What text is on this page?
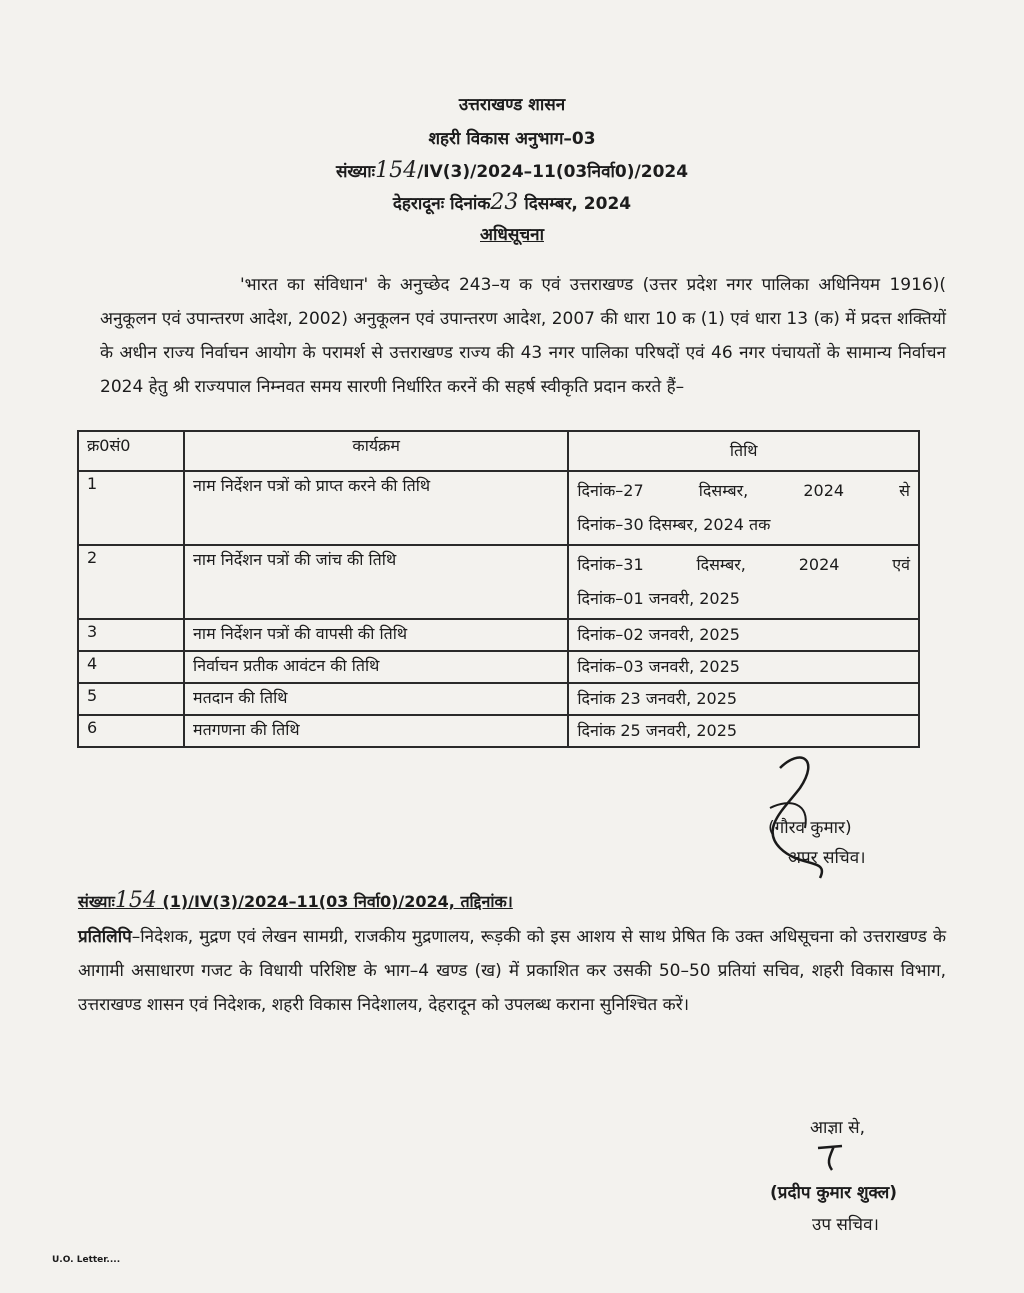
उत्तराखण्ड शासन
शहरी विकास अनुभाग–03
संख्याः154/IV(3)/2024–11(03निर्वा0)/2024
देहरादूनः दिनांक23 दिसम्बर, 2024
अधिसूचना
'भारत का संविधान' के अनुच्छेद 243–य क एवं उत्तराखण्ड (उत्तर प्रदेश नगर पालिका अधिनियम 1916)( अनुकूलन एवं उपान्तरण आदेश, 2002) अनुकूलन एवं उपान्तरण आदेश, 2007 की धारा 10 क (1) एवं धारा 13 (क) में प्रदत्त शक्तियों के अधीन राज्य निर्वाचन आयोग के परामर्श से उत्तराखण्ड राज्य की 43 नगर पालिका परिषदों एवं 46 नगर पंचायतों के सामान्य निर्वाचन 2024 हेतु श्री राज्यपाल निम्नवत समय सारणी निर्धारित करनें की सहर्ष स्वीकृति प्रदान करते हैं–
क्र0सं0	कार्यक्रम	तिथि
1	नाम निर्देशन पत्रों को प्राप्त करने की तिथि	दिनांक–27 दिसम्बर, 2024 से
दिनांक–30 दिसम्बर, 2024 तक
2	नाम निर्देशन पत्रों की जांच की तिथि	दिनांक–31 दिसम्बर, 2024 एवं
दिनांक–01 जनवरी, 2025
3	नाम निर्देशन पत्रों की वापसी की तिथि	दिनांक–02 जनवरी, 2025
4	निर्वाचन प्रतीक आवंटन की तिथि	दिनांक–03 जनवरी, 2025
5	मतदान की तिथि	दिनांक 23 जनवरी, 2025
6	मतगणना की तिथि	दिनांक 25 जनवरी, 2025
(गौरव कुमार)
अपर सचिव।
संख्याः154 (1)/IV(3)/2024–11(03 निर्वा0)/2024, तद्दिनांक।
प्रतिलिपि–निदेशक, मुद्रण एवं लेखन सामग्री, राजकीय मुद्रणालय, रूड़की को इस आशय से साथ प्रेषित कि उक्त अधिसूचना को उत्तराखण्ड के आगामी असाधारण गजट के विधायी परिशिष्ट के भाग–4 खण्ड (ख) में प्रकाशित कर उसकी 50–50 प्रतियां सचिव, शहरी विकास विभाग, उत्तराखण्ड शासन एवं निदेशक, शहरी विकास निदेशालय, देहरादून को उपलब्ध कराना सुनिश्चित करें।
आज्ञा से,
(प्रदीप कुमार शुक्ल)
उप सचिव।
U.O. Letter....
